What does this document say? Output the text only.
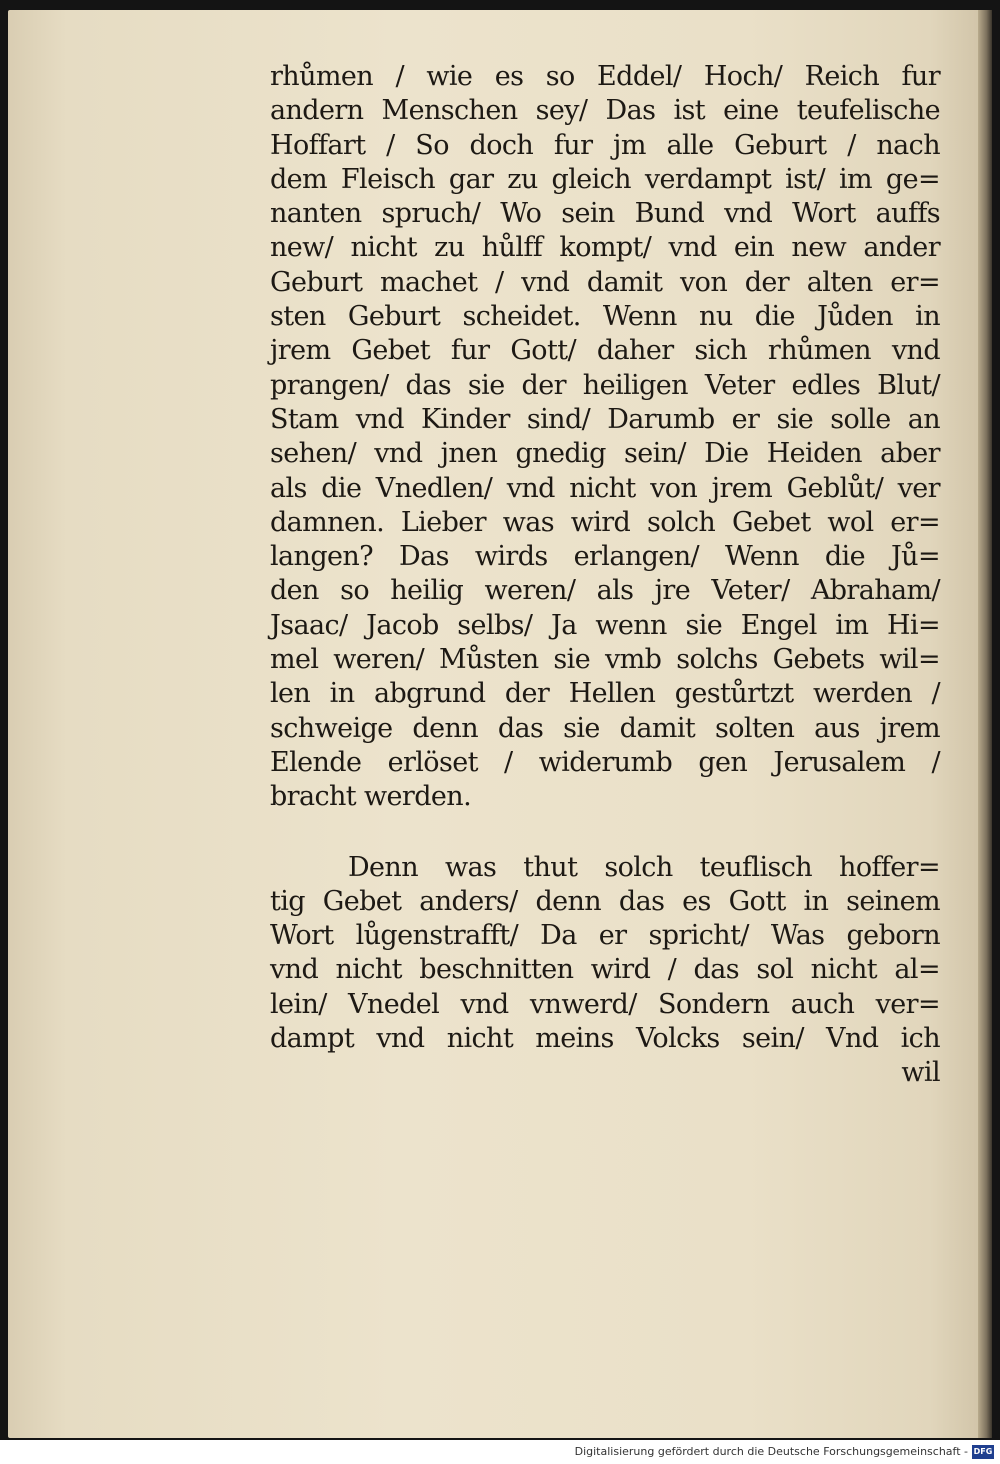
rhůmen / wie es so Eddel/ Hoch/ Reich fur
andern Menschen sey/ Das ist eine teufelische
Hoffart / So doch fur jm alle Geburt / nach
dem Fleisch gar zu gleich verdampt ist/ im ge=
nanten spruch/ Wo sein Bund vnd Wort auffs
new/ nicht zu hůlff kompt/ vnd ein new ander
Geburt machet / vnd damit von der alten er=
sten Geburt scheidet. Wenn nu die Jůden in
jrem Gebet fur Gott/ daher sich rhůmen vnd
prangen/ das sie der heiligen Veter edles Blut/
Stam vnd Kinder sind/ Darumb er sie solle an
sehen/ vnd jnen gnedig sein/ Die Heiden aber
als die Vnedlen/ vnd nicht von jrem Geblůt/ ver
damnen. Lieber was wird solch Gebet wol er=
langen? Das wirds erlangen/ Wenn die Jů=
den so heilig weren/ als jre Veter/ Abraham/
Jsaac/ Jacob selbs/ Ja wenn sie Engel im Hi=
mel weren/ Můsten sie vmb solchs Gebets wil=
len in abgrund der Hellen gestůrtzt werden /
schweige denn das sie damit solten aus jrem
Elende erlöset / widerumb gen Jerusalem /
bracht werden.
Denn was thut solch teuflisch hoffer=
tig Gebet anders/ denn das es Gott in seinem
Wort lůgenstrafft/ Da er spricht/ Was geborn
vnd nicht beschnitten wird / das sol nicht al=
lein/ Vnedel vnd vnwerd/ Sondern auch ver=
dampt vnd nicht meins Volcks sein/ Vnd ich
wil
Digitalisierung gefördert durch die Deutsche Forschungsgemeinschaft - DFG
